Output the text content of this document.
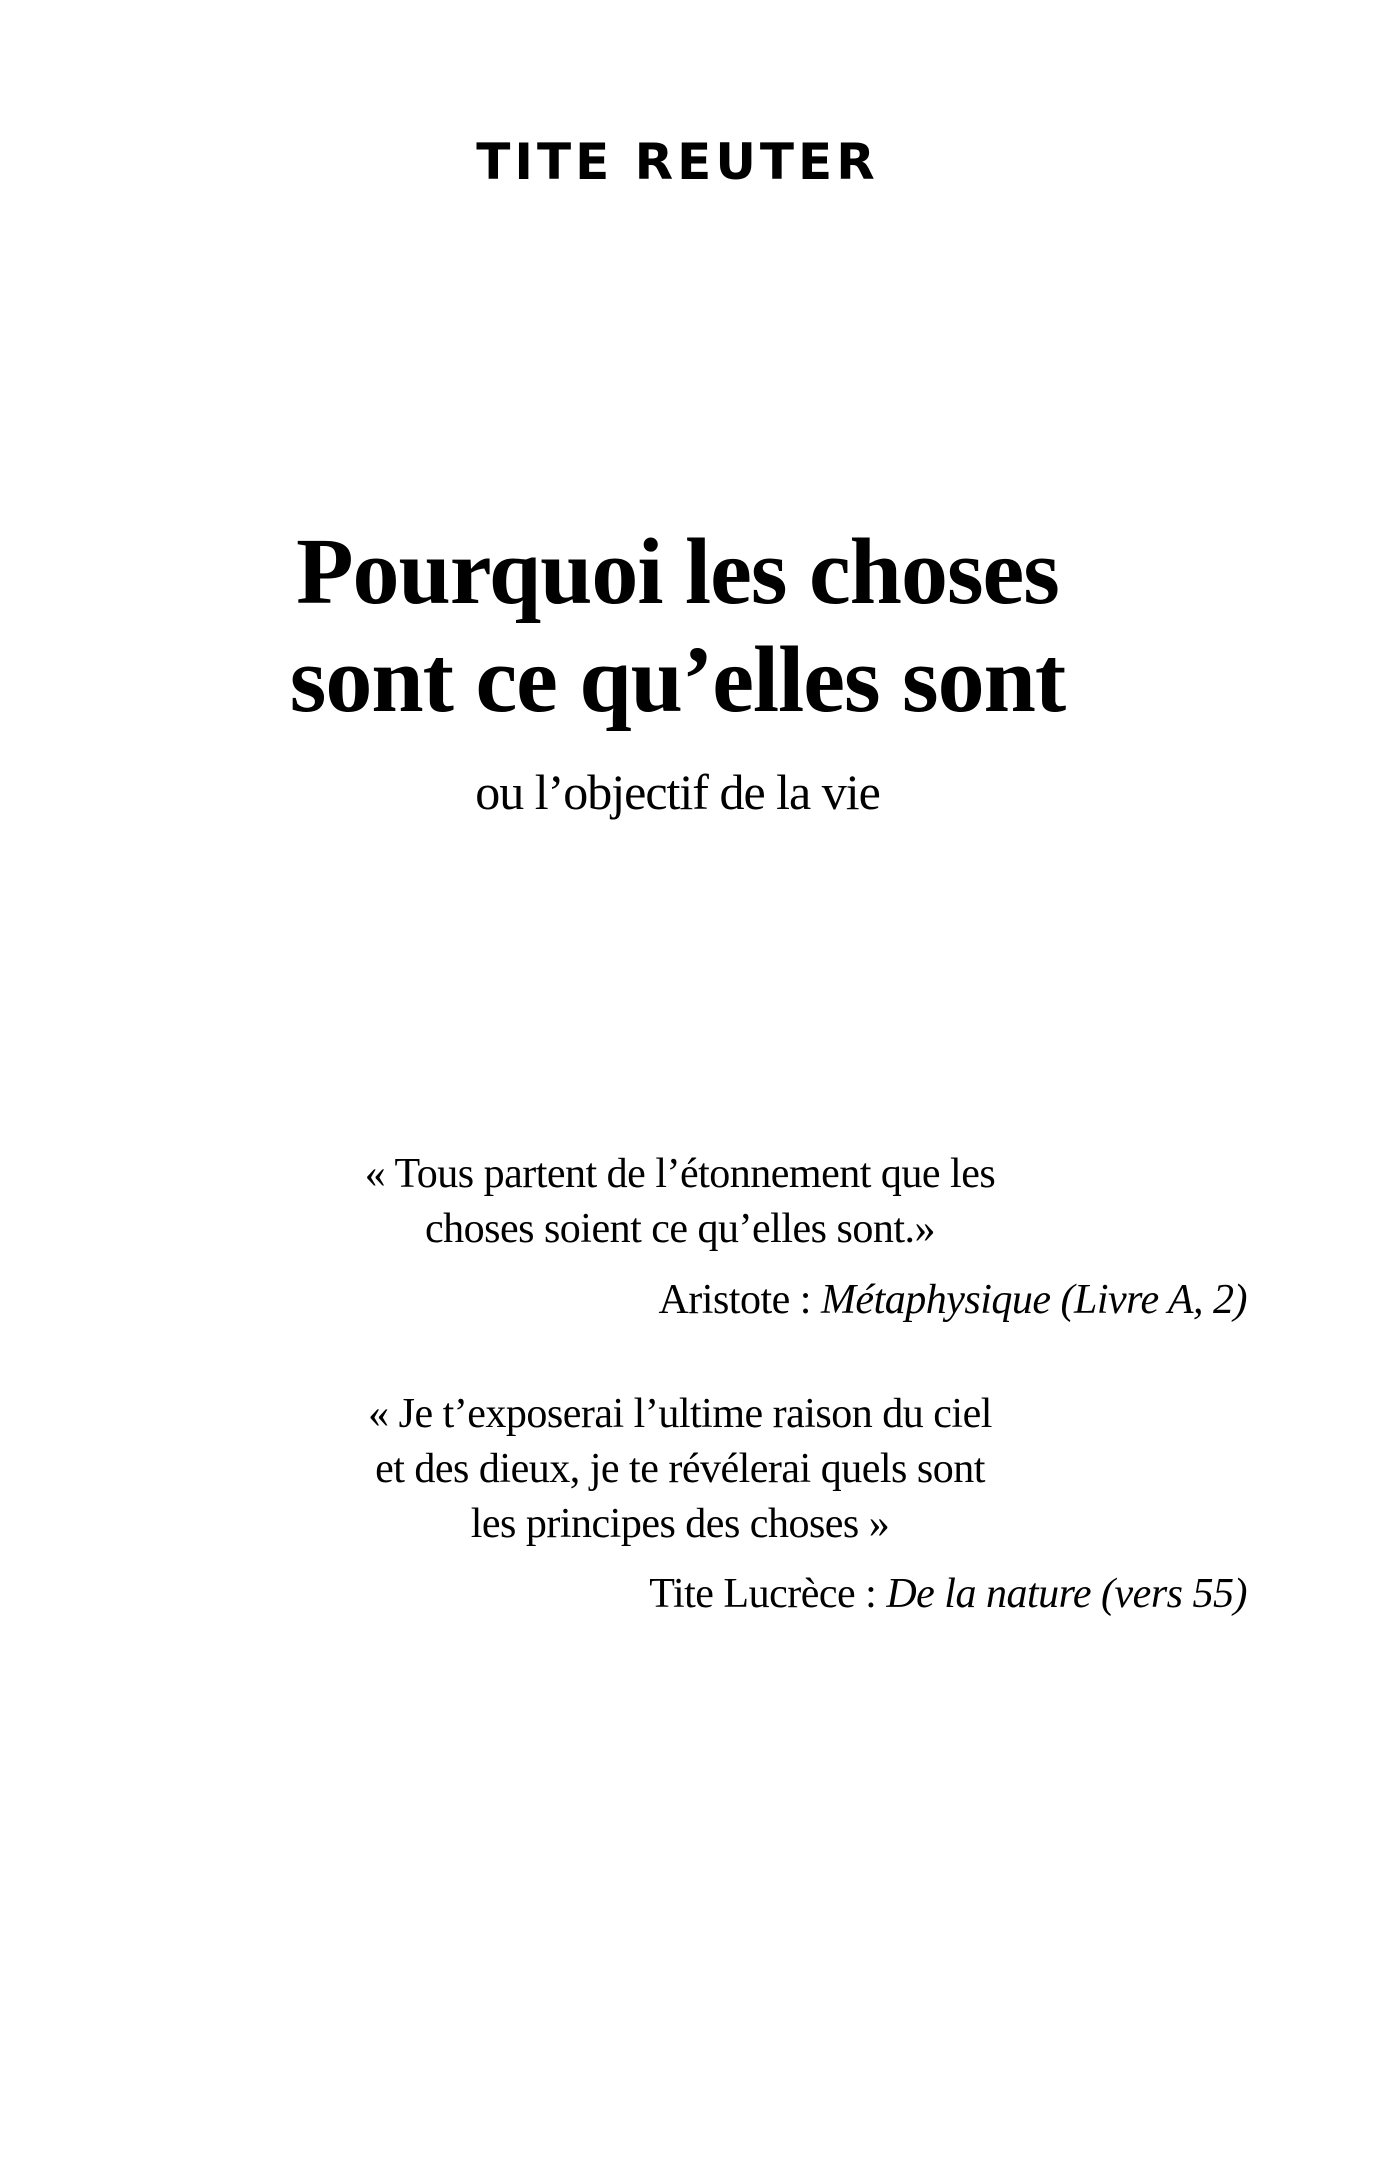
TITE REUTER
Pourquoi les choses
sont ce qu’elles sont
ou l’objectif de la vie
« Tous partent de l’étonnement que les
choses soient ce qu’elles sont.»
Aristote : Métaphysique (Livre A, 2)
« Je t’exposerai l’ultime raison du ciel
et des dieux, je te révélerai quels sont
les principes des choses »
Tite Lucrèce : De la nature (vers 55)
